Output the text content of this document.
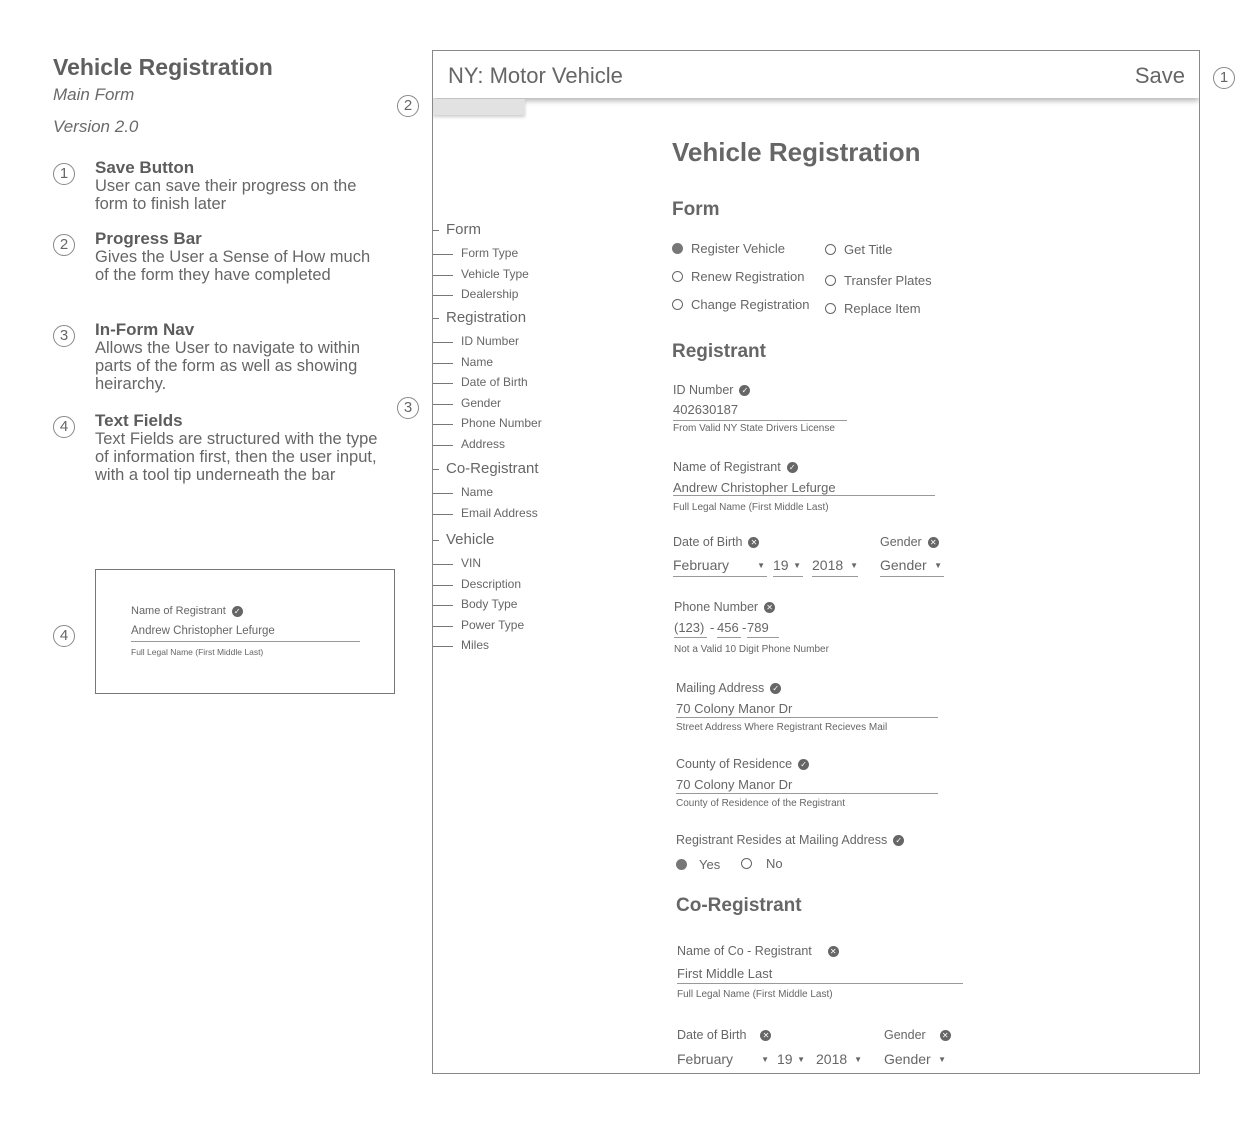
Vehicle Registration
Main Form
Version 2.0
1	Save Button
User can save their progress on the form to finish later
2	Progress Bar
Gives the User a Sense of How much of the form they have completed
3	In-Form Nav
Allows the User to navigate to within parts of the form as well as showing heirarchy.
4	Text Fields
Text Fields are structured with the type of information first, then the user input, with a tool tip underneath the bar
4
Name of Registrant ✓
Andrew Christopher Lefurge
Full Legal Name (First Middle Last)
1
2
3
NY: Motor Vehicle	Save
Form
Form Type
Vehicle Type
Dealership
Registration
ID Number
Name
Date of Birth
Gender
Phone Number
Address
Co-Registrant
Name
Email Address
Vehicle
VIN
Description
Body Type
Power Type
Miles
Vehicle Registration
Form
Register Vehicle	Get Title
Renew Registration	Transfer Plates
Change Registration	Replace Item
Registrant
ID Number ✓
402630187
From Valid NY State Drivers License
Name of Registrant ✓
Andrew Christopher Lefurge
Full Legal Name (First Middle Last)
Date of Birth ✕
February	▼ 19 ▼ 2018 ▼
Gender ✕
Gender ▼
Phone Number ✕
(123) - 456 - 789
Not a Valid 10 Digit Phone Number
Mailing Address ✓
70 Colony Manor Dr
Street Address Where Registrant Recieves Mail
County of Residence ✓
70 Colony Manor Dr
County of Residence of the Registrant
Registrant Resides at Mailing Address ✓
Yes	No
Co-Registrant
Name of Co - Registrant ✕
First Middle Last
Full Legal Name (First Middle Last)
Date of Birth ✕
February	▼ 19 ▼ 2018 ▼
Gender ✕
Gender ▼
